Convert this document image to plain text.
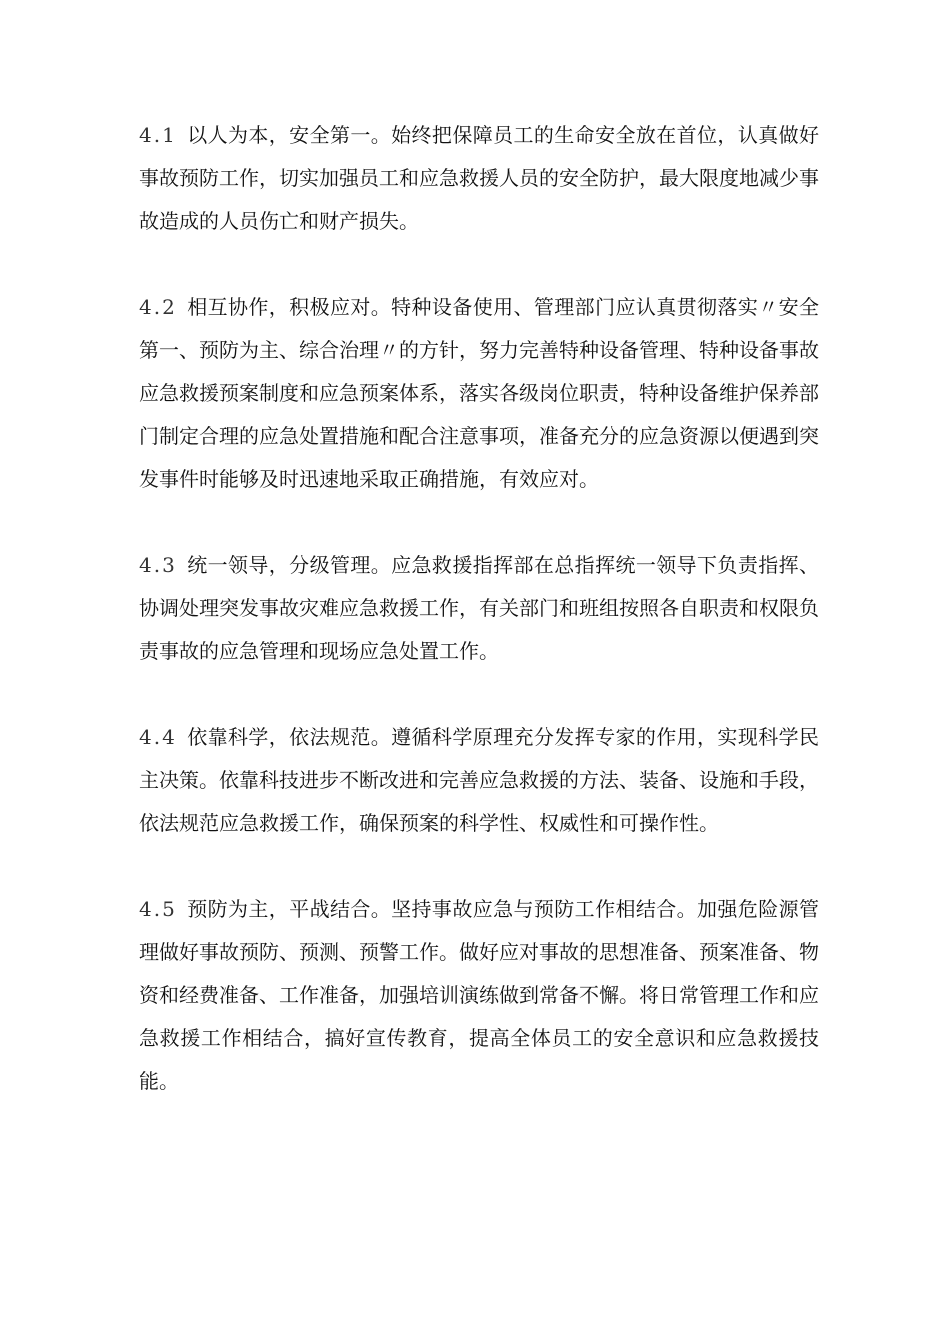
4.1 以人为本，安全第一。始终把保障员工的生命安全放在首位，认真做好事故预防工作，切实加强员工和应急救援人员的安全防护，最大限度地减少事故造成的人员伤亡和财产损失。

4.2 相互协作，积极应对。特种设备使用、管理部门应认真贯彻落实〃安全第一、预防为主、综合治理〃的方针，努力完善特种设备管理、特种设备事故应急救援预案制度和应急预案体系，落实各级岗位职责，特种设备维护保养部门制定合理的应急处置措施和配合注意事项，准备充分的应急资源以便遇到突发事件时能够及时迅速地采取正确措施，有效应对。

4.3 统一领导，分级管理。应急救援指挥部在总指挥统一领导下负责指挥、协调处理突发事故灾难应急救援工作，有关部门和班组按照各自职责和权限负责事故的应急管理和现场应急处置工作。

4.4 依靠科学，依法规范。遵循科学原理充分发挥专家的作用，实现科学民主决策。依靠科技进步不断改进和完善应急救援的方法、装备、设施和手段，依法规范应急救援工作，确保预案的科学性、权威性和可操作性。

4.5 预防为主，平战结合。坚持事故应急与预防工作相结合。加强危险源管理做好事故预防、预测、预警工作。做好应对事故的思想准备、预案准备、物资和经费准备、工作准备，加强培训演练做到常备不懈。将日常管理工作和应急救援工作相结合，搞好宣传教育，提高全体员工的安全意识和应急救援技能。
